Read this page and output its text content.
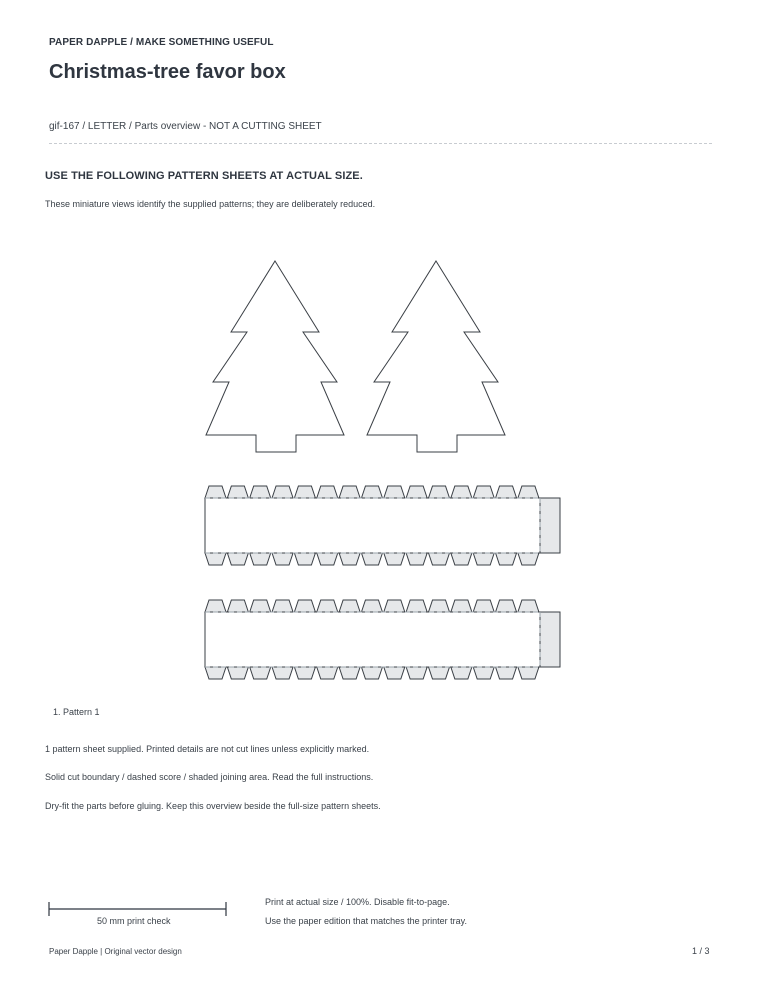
PAPER DAPPLE / MAKE SOMETHING USEFUL
Christmas-tree favor box
gif-167 / LETTER / Parts overview - NOT A CUTTING SHEET
USE THE FOLLOWING PATTERN SHEETS AT ACTUAL SIZE.
These miniature views identify the supplied patterns; they are deliberately reduced.
1. Pattern 1
1 pattern sheet supplied. Printed details are not cut lines unless explicitly marked.
Solid cut boundary / dashed score / shaded joining area. Read the full instructions.
Dry-fit the parts before gluing. Keep this overview beside the full-size pattern sheets.
50 mm print check
Print at actual size / 100%. Disable fit-to-page.
Use the paper edition that matches the printer tray.
Paper Dapple | Original vector design	1 / 3
